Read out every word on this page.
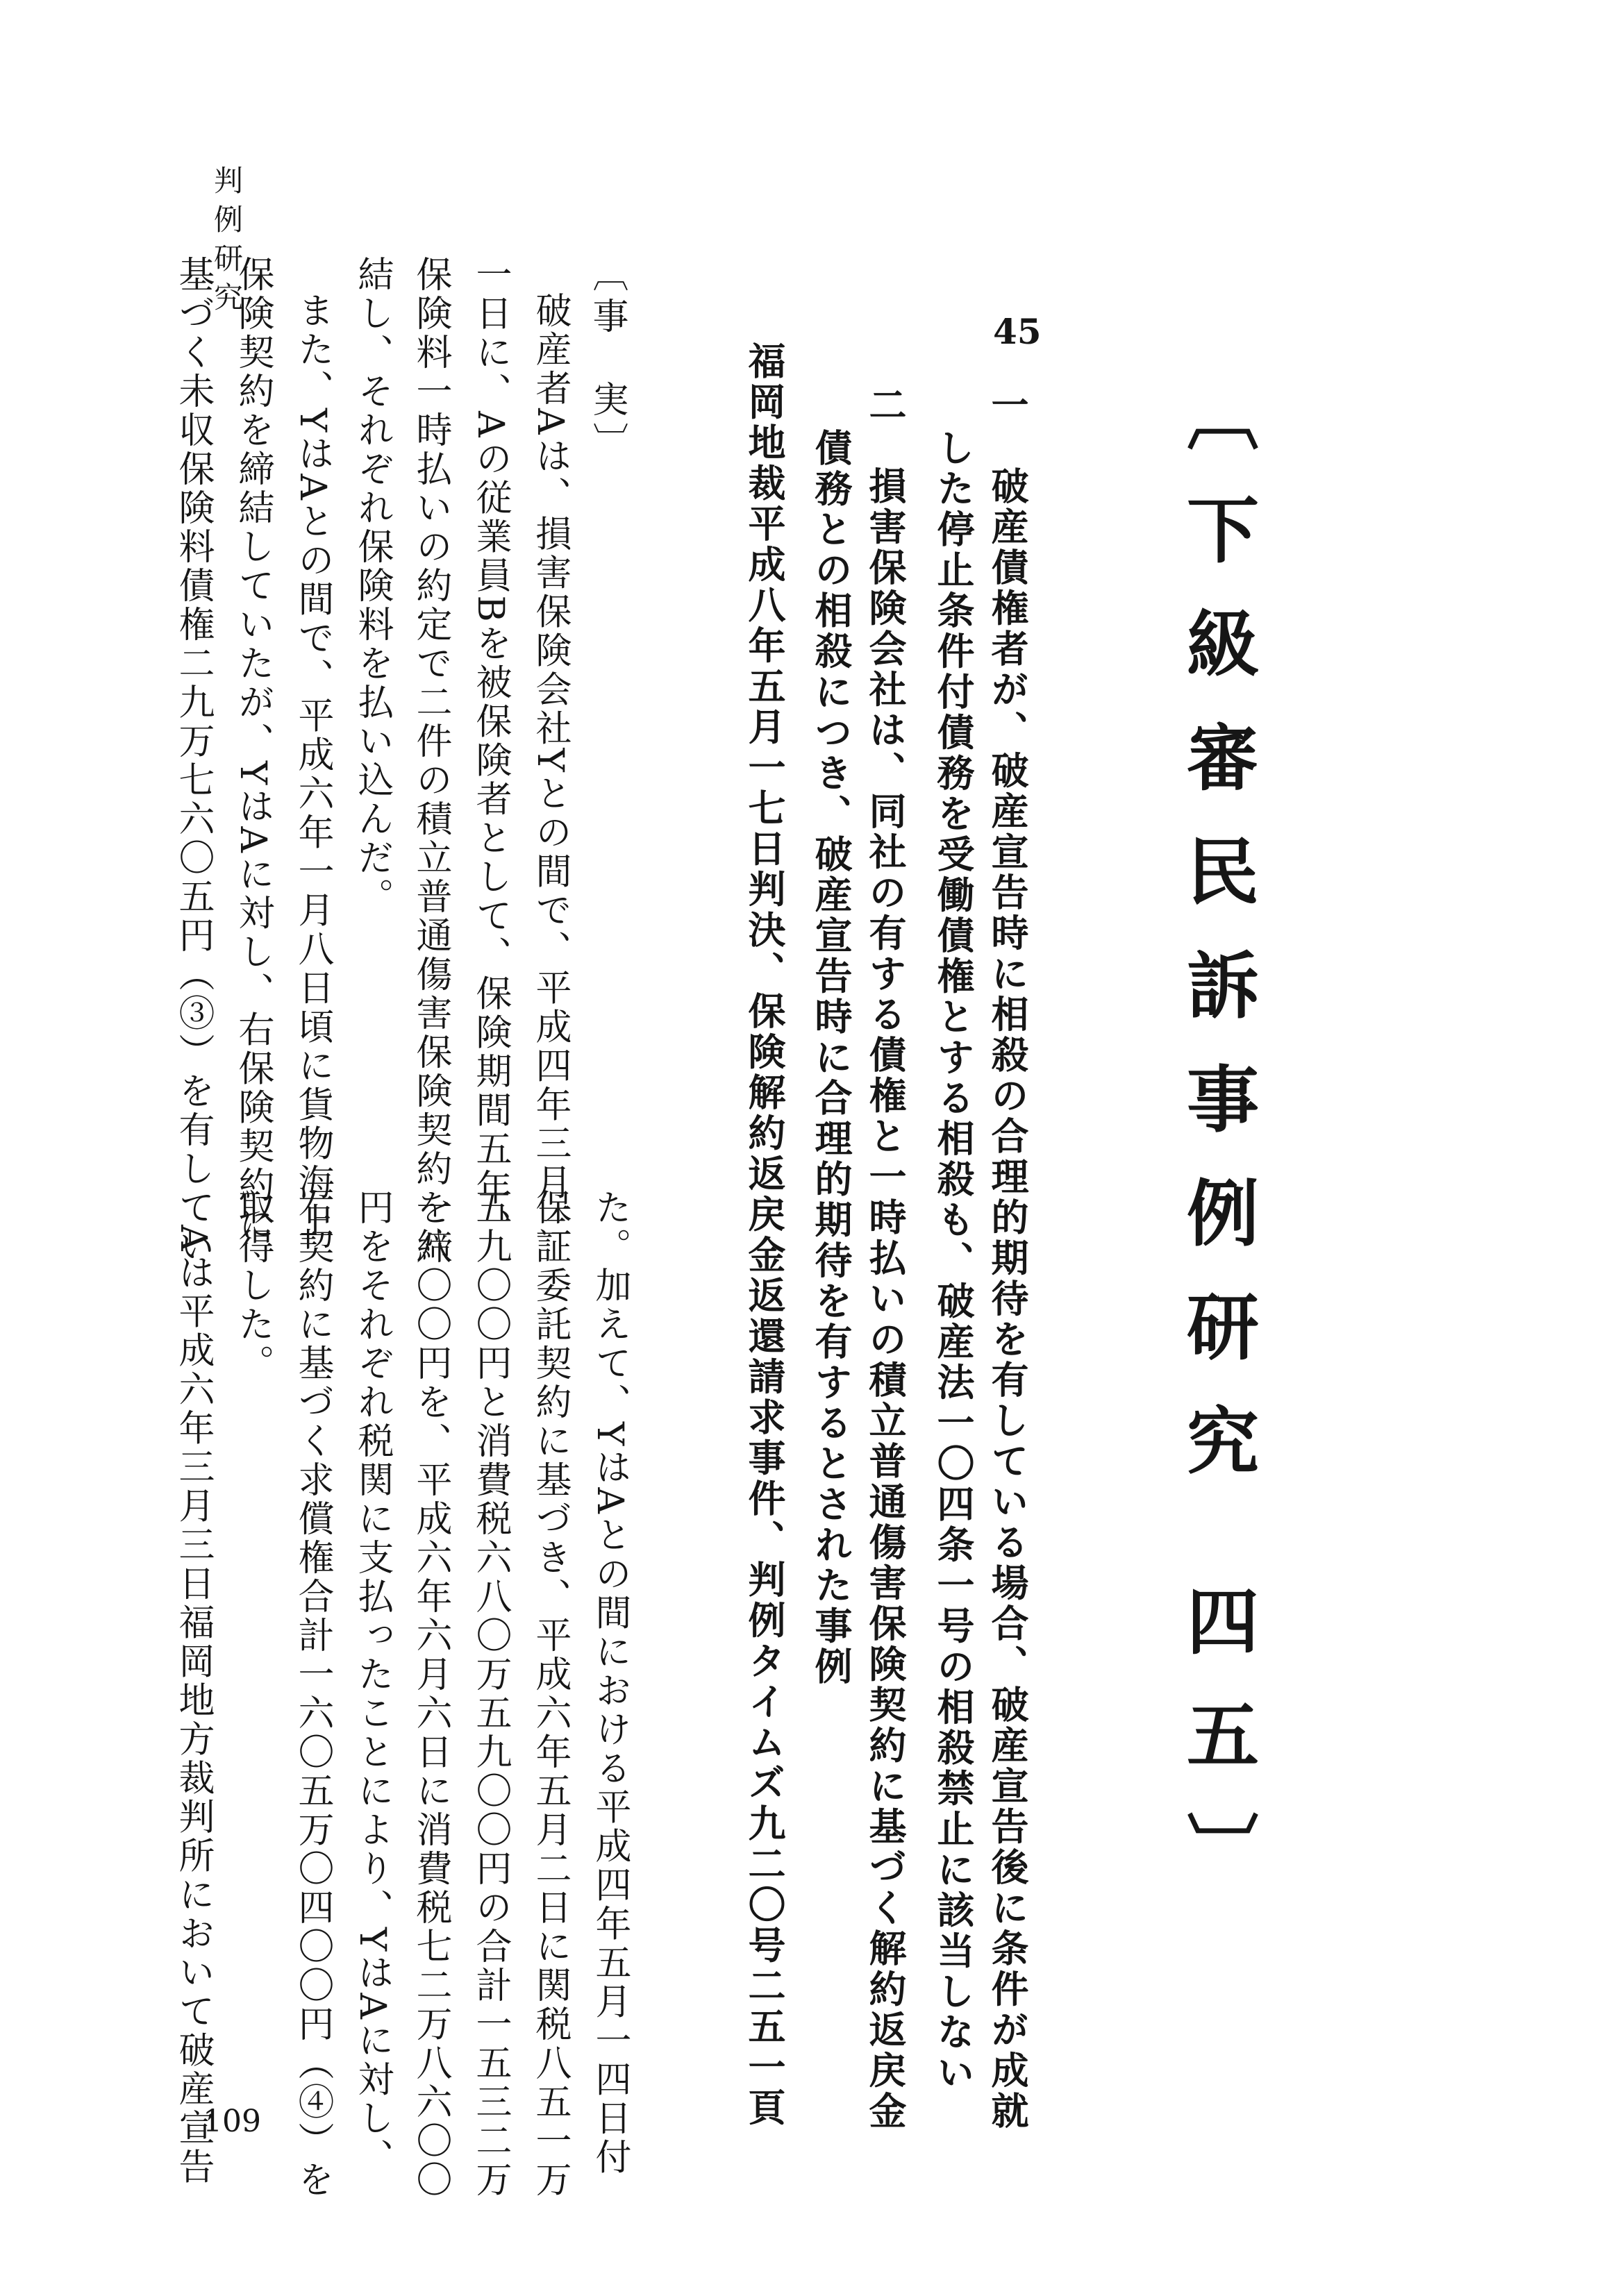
判例研究
〔下級審民訴事例研究 四五〕
45
一　破産債権者が、破産宣告時に相殺の合理的期待を有している場合、破産宣告後に条件が成就
した停止条件付債務を受働債権とする相殺も、破産法一〇四条一号の相殺禁止に該当しない
二　損害保険会社は、同社の有する債権と一時払いの積立普通傷害保険契約に基づく解約返戻金
債務との相殺につき、破産宣告時に合理的期待を有するとされた事例
福岡地裁平成八年五月一七日判決、保険解約返戻金返還請求事件、判例タイムズ九二〇号二五一頁
〔事　実〕
破産者Aは、損害保険会社Yとの間で、平成四年三月三
一日に、Aの従業員Bを被保険者として、保険期間五年、
保険料一時払いの約定で二件の積立普通傷害保険契約を締
結し、それぞれ保険料を払い込んだ。
また、YはAとの間で、平成六年一月八日頃に貨物海上
保険契約を締結していたが、YはAに対し、右保険契約に
基づく未収保険料債権二九万七六〇五円（③）を有してい
た。加えて、YはAとの間における平成四年五月一四日付
保証委託契約に基づき、平成六年五月二日に関税八五一万
五九〇〇円と消費税六八〇万五九〇〇円の合計一五三二万
一八〇〇円を、平成六年六月六日に消費税七二万八六〇〇
円をそれぞれ税関に支払ったことにより、YはAに対し、
右契約に基づく求償権合計一六〇五万〇四〇〇円（④）を
取得した。
Aは平成六年三月三日福岡地方裁判所において破産宣告
109
